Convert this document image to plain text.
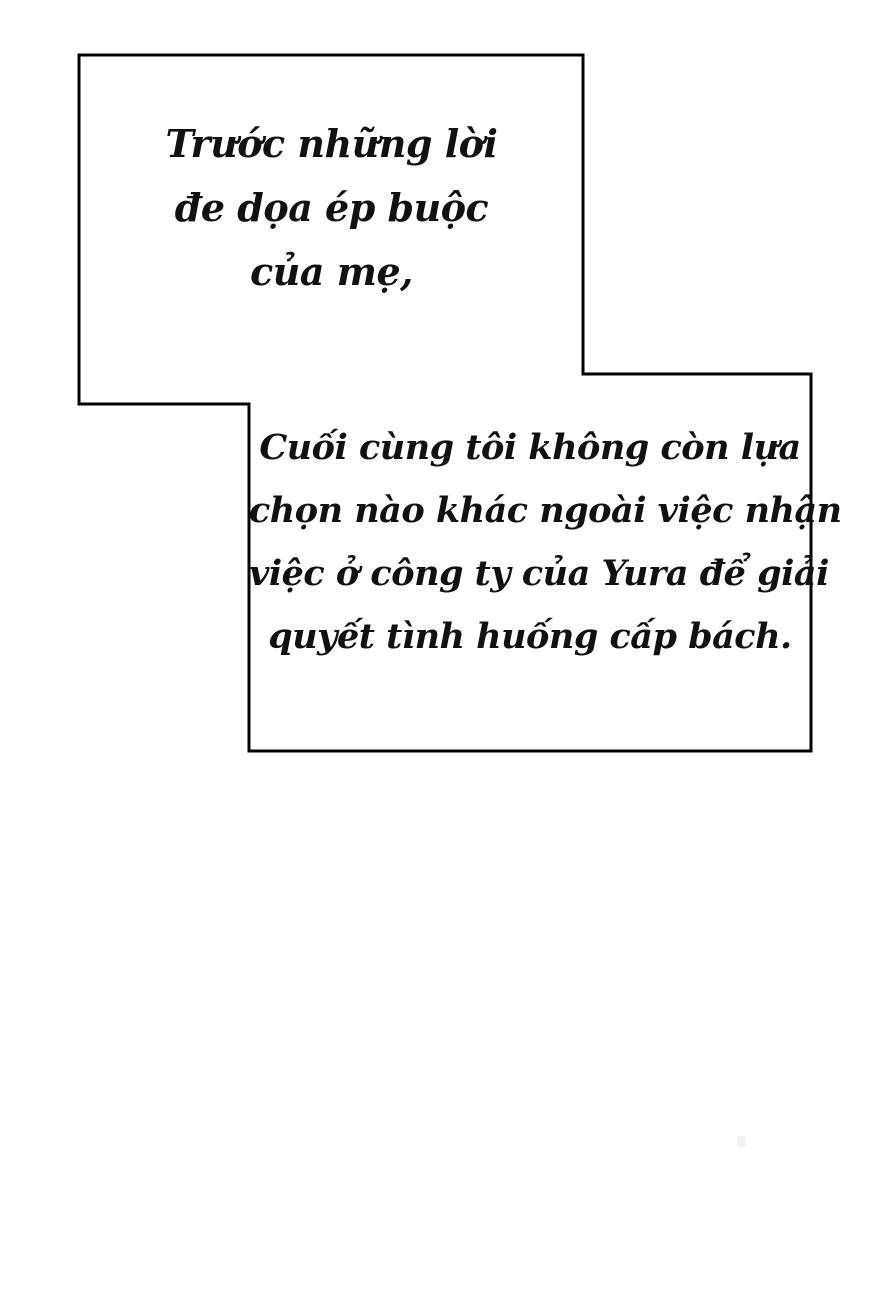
Trước những lời
đe dọa ép buộc
của mẹ,
Cuối cùng tôi không còn lựa
chọn nào khác ngoài việc nhận
việc ở công ty của Yura để giải
quyết tình huống cấp bách.
